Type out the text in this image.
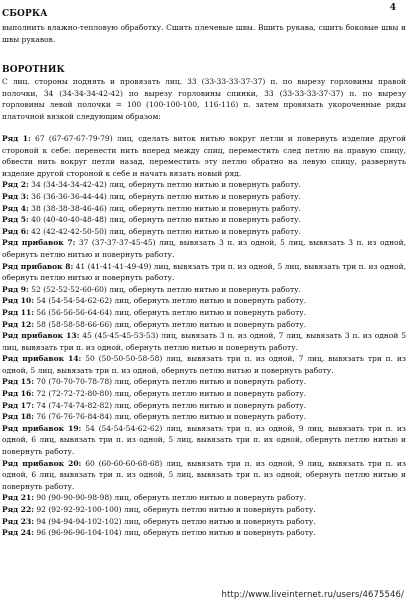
4
СБОРКА
выполнить влажно-тепловую обработку. Сшить плечевые швы. Вшить рукава, сшить боковые швы и швы рукавов.
ВОРОТНИК
С лиц. стороны поднять и провязать лиц. 33 (33-33-33-37-37) п. по вырезу горловины правой полочки, 34 (34-34-34-42-42) по вырезу горловины спинки, 33 (33-33-33-37-37) п. по вырезу горловины левой полочки = 100 (100-100-100, 116-116) п. затем провязать укороченные ряды платочной вязкой следующим образом:

Ряд 1: 67 (67-67-67-79-79) лиц, сделать виток нитью вокруг петли и повернуть изделие другой стороной к себе: перенести нить вперед между спиц, переместить след петлю на правую спицу, обвести нить вокруг петли назад, переместить эту петлю обратно на левую спицу, развернуть изделие другой стороной к себе и начать вязать новый ряд.

Ряд 2: 34 (34-34-34-42-42) лиц, обернуть петлю нитью и повернуть работу.

Ряд 3: 36 (36-36-36-44-44) лиц, обернуть петлю нитью и повернуть работу.

Ряд 4: 38 (38-38-38-46-46) лиц, обернуть петлю нитью и повернуть работу.

Ряд 5: 40 (40-40-40-48-48) лиц, обернуть петлю нитью и повернуть работу.

Ряд 6: 42 (42-42-42-50-50) лиц, обернуть петлю нитью и повернуть работу.

Ряд прибавок 7: 37 (37-37-37-45-45) лиц, вывязать 3 п. из одной, 5 лиц, вывязать 3 п. из одной, обернуть петлю нитью и повернуть работу.

Ряд прибавок 8: 41 (41-41-41-49-49) лиц, вывязать три п. из одной, 5 лиц, вывязать три п. из одной, обернуть петлю нитью и повернуть работу.

Ряд 9: 52 (52-52-52-60-60) лиц, обернуть петлю нитью и повернуть работу.

Ряд 10: 54 (54-54-54-62-62) лиц, обернуть петлю нитью и повернуть работу.

Ряд 11: 56 (56-56-56-64-64) лиц, обернуть петлю нитью и повернуть работу.

Ряд 12: 58 (58-58-58-66-66) лиц, обернуть петлю нитью и повернуть работу.

Ряд прибавок 13: 45 (45-45-45-53-53) лиц, вывязать 3 п. из одной, 7 лиц, вывязать 3 п. из одной 5 лиц, вывязать три п. из одной, обернуть петлю нитью и повернуть работу.

Ряд прибавок 14: 50 (50-50-50-58-58) лиц, вывязать три п. из одной, 7 лиц, вывязать три п. из одной, 5 лиц, вывязать три п. из одной, обернуть петлю нитью и повернуть работу.

Ряд 15: 70 (70-70-70-78-78) лиц, обернуть петлю нитью и повернуть работу.

Ряд 16: 72 (72-72-72-80-80) лиц, обернуть петлю нитью и повернуть работу.

Ряд 17: 74 (74-74-74-82-82) лиц, обернуть петлю нитью и повернуть работу.

Ряд 18: 76 (76-76-76-84-84) лиц, обернуть петлю нитью и повернуть работу.

Ряд прибавок 19: 54 (54-54-54-62-62) лиц, вывязать три п. из одной, 9 лиц, вывязать три п. из одной, 6 лиц, вывязать три п. из одной, 5 лиц, вывязать три п. их одной, обернуть петлю нитью и повернуть работу.

Ряд прибавок 20: 60 (60-60-60-68-68) лиц, вывязать три п. из одной, 9 лиц, вывязать три п. из одной, 6 лиц, вывязать три п. из одной, 5 лиц, вывязать три п. из одной, обернуть петлю нитью и повернуть работу.

Ряд 21: 90 (90-90-90-98-98) лиц, обернуть петлю нитью и повернуть работу.

Ряд 22: 92 (92-92-92-100-100) лиц, обернуть петлю нитью и повернуть работу.

Ряд 23: 94 (94-94-94-102-102) лиц, обернуть петлю нитью и повернуть работу.

Ряд 24: 96 (96-96-96-104-104) лиц, обернуть петлю нитью и повернуть работу.

http://www.liveinternet.ru/users/4675546/
